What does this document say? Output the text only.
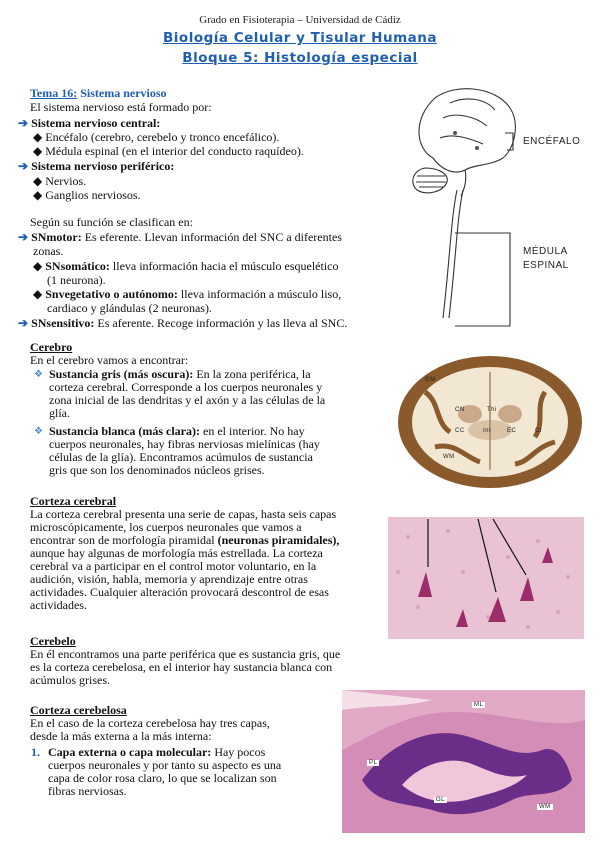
Grado en Fisioterapia – Universidad de Cádiz
Biología Celular y Tisular Humana
Bloque 5: Histología especial
Tema 16: Sistema nervioso
El sistema nervioso está formado por:
➔ Sistema nervioso central:
◆ Encéfalo (cerebro, cerebelo y tronco encefálico).
◆ Médula espinal (en el interior del conducto raquídeo).
➔ Sistema nervioso periférico:
◆ Nervios.
◆ Ganglios nerviosos.
Según su función se clasifican en:
➔ SNmotor: Es eferente. Llevan información del SNC a diferentes
zonas.
◆ SNsomático: lleva información hacia el músculo esquelético
(1 neurona).
◆ Snvegetativo o autónomo: lleva información a músculo liso,
cardiaco y glándulas (2 neuronas).
➔ SNsensitivo: Es aferente. Recoge información y las lleva al SNC.
ENCÉFALO
MÉDULA
ESPINAL
Cerebro
En el cerebro vamos a encontrar:
❖ Sustancia gris (más oscura): En la zona periférica, la
corteza cerebral. Corresponde a los cuerpos neuronales y
zona inicial de las dendritas y el axón y a las células de la
glía.
❖ Sustancia blanca (más clara): en el interior. No hay
cuerpos neuronales, hay fibras nerviosas mielínicas (hay
células de la glía). Encontramos acúmulos de sustancia
gris que son los denominados núcleos grises.
GM
CN	Thi
CC	Int	EC	Cl
WM
Corteza cerebral
La corteza cerebral presenta una serie de capas, hasta seis capas
microscópicamente, los cuerpos neuronales que vamos a
encontrar son de morfología piramidal (neuronas piramidales),
aunque hay algunas de morfología más estrellada. La corteza
cerebral va a participar en el control motor voluntario, en la
audición, visión, habla, memoria y aprendizaje entre otras
actividades. Cualquier alteración provocará descontrol de esas
actividades.
Cerebelo
En él encontramos una parte periférica que es sustancia gris, que
es la corteza cerebelosa, en el interior hay sustancia blanca con
acúmulos grises.
Corteza cerebelosa
En el caso de la corteza cerebelosa hay tres capas,
desde la más externa a la más interna:
1. Capa externa o capa molecular: Hay pocos
cuerpos neuronales y por tanto su aspecto es una
capa de color rosa claro, lo que se localizan son
fibras nerviosas.
ML
PL
GL
WM
